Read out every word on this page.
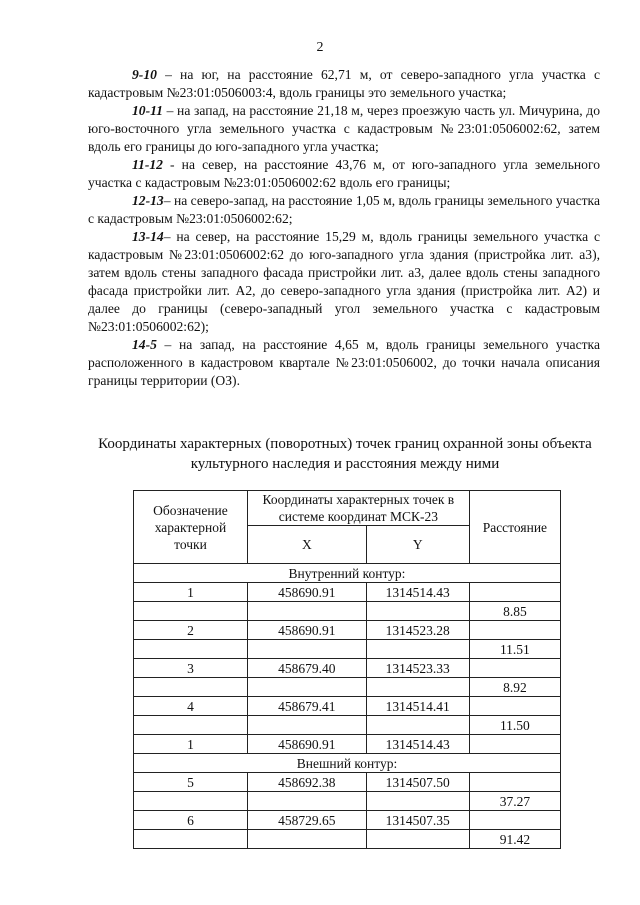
2

9-10 – на юг, на расстояние 62,71 м, от северо-западного угла участка с кадастровым №23:01:0506003:4, вдоль границы это земельного участка;

10-11 – на запад, на расстояние 21,18 м, через проезжую часть ул. Мичурина, до юго-восточного угла земельного участка с кадастровым №23:01:0506002:62, затем вдоль его границы до юго-западного угла участка;

11-12 - на север, на расстояние 43,76 м, от юго-западного угла земельного участка с кадастровым №23:01:0506002:62 вдоль его границы;

12-13– на северо-запад, на расстояние 1,05 м, вдоль границы земельного участка с кадастровым №23:01:0506002:62;

13-14– на север, на расстояние 15,29 м, вдоль границы земельного участка с кадастровым №23:01:0506002:62 до юго-западного угла здания (пристройка лит. а3), затем вдоль стены западного фасада пристройки лит. а3, далее вдоль стены западного фасада пристройки лит. А2, до северо-западного угла здания (пристройка лит. А2) и далее до границы (северо-западный угол земельного участка с кадастровым №23:01:0506002:62);

14-5 – на запад, на расстояние 4,65 м, вдоль границы земельного участка расположенного в кадастровом квартале №23:01:0506002, до точки начала описания границы территории (ОЗ).

Координаты характерных (поворотных) точек границ охранной зоны объекта культурного наследия и расстояния между ними
Обозначение характерной точки	Координаты характерных точек в системе координат МСК-23		Расстояние
	X	Y	
Внутренний контур:			
1	458690.91	1314514.43	
			8.85
2	458690.91	1314523.28	
			11.51
3	458679.40	1314523.33	
			8.92
4	458679.41	1314514.41	
			11.50
1	458690.91	1314514.43	
Внешний контур:			
5	458692.38	1314507.50	
			37.27
6	458729.65	1314507.35	
			91.42
